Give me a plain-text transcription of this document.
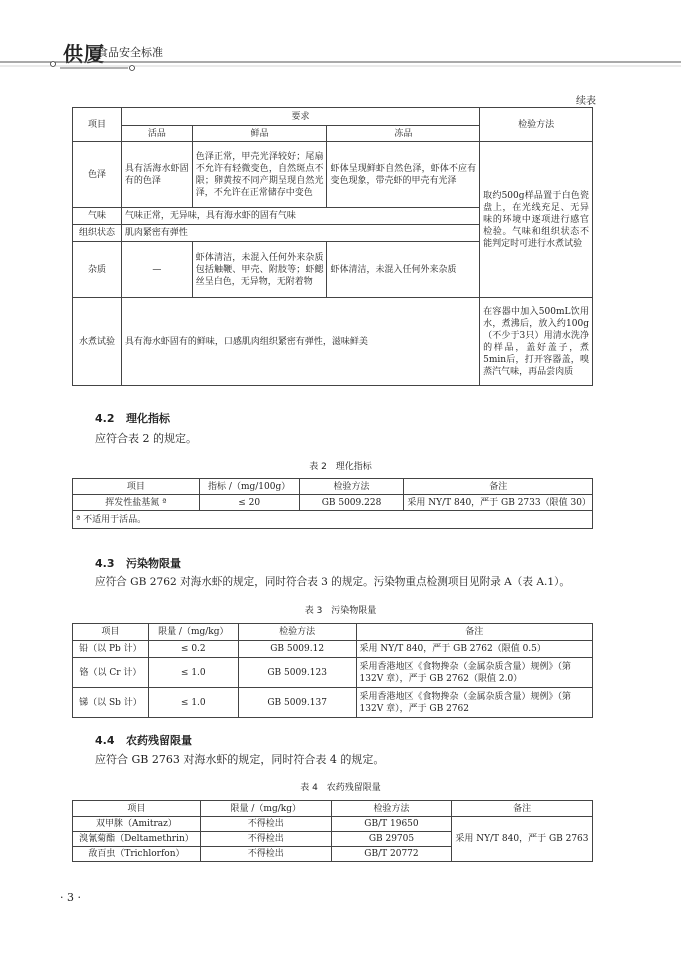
供厦
食品安全标准
续表
项目	要求			检验方法
	活品	鲜品	冻品	
色泽	具有活海水虾固有的色泽	色泽正常，甲壳光泽较好；尾扇不允许有轻微变色，自然斑点不限；卵黄按不同产期呈现自然光泽，不允许在正常储存中变色	虾体呈现鲜虾自然色泽，虾体不应有变色现象，带壳虾的甲壳有光泽	取约500g样品置于白色瓷盘上，在光线充足、无异味的环境中逐项进行感官检验。气味和组织状态不能判定时可进行水煮试验
气味	气味正常，无异味，具有海水虾的固有气味			
组织状态	肌肉紧密有弹性			
杂质	—	虾体清洁，未混入任何外来杂质包括触鞭、甲壳、附肢等；虾鳃丝呈白色，无异物，无附着物	虾体清洁，未混入任何外来杂质	
水煮试验	具有海水虾固有的鲜味，口感肌肉组织紧密有弹性，滋味鲜美			在容器中加入500mL饮用水，煮沸后，放入约100g（不少于3只）用清水洗净的样品，盖好盖子，煮5min后，打开容器盖，嗅蒸汽气味，再品尝肉质
4.2 理化指标
应符合表 2 的规定。
表 2　理化指标
项目	指标 /（mg/100g）	检验方法	备注
挥发性盐基氮 ª	≤ 20	GB 5009.228	采用 NY/T 840，严于 GB 2733（限值 30）
ª 不适用于活品。			
4.3 污染物限量
应符合 GB 2762 对海水虾的规定，同时符合表 3 的规定。污染物重点检测项目见附录 A（表 A.1）。
表 3　污染物限量
项目	限量 /（mg/kg）	检验方法	备注
铅（以 Pb 计）	≤ 0.2	GB 5009.12	采用 NY/T 840，严于 GB 2762（限值 0.5）
铬（以 Cr 计）	≤ 1.0	GB 5009.123	采用香港地区《食物搀杂（金属杂质含量）规例》（第 132V 章），严于 GB 2762（限值 2.0）
锑（以 Sb 计）	≤ 1.0	GB 5009.137	采用香港地区《食物搀杂（金属杂质含量）规例》（第 132V 章），严于 GB 2762
4.4 农药残留限量
应符合 GB 2763 对海水虾的规定，同时符合表 4 的规定。
表 4　农药残留限量
项目	限量 /（mg/kg）	检验方法	备注
双甲脒（Amitraz）	不得检出	GB/T 19650	采用 NY/T 840，严于 GB 2763
溴氰菊酯（Deltamethrin）	不得检出	GB 29705	
敌百虫（Trichlorfon）	不得检出	GB/T 20772	
· 3 ·
